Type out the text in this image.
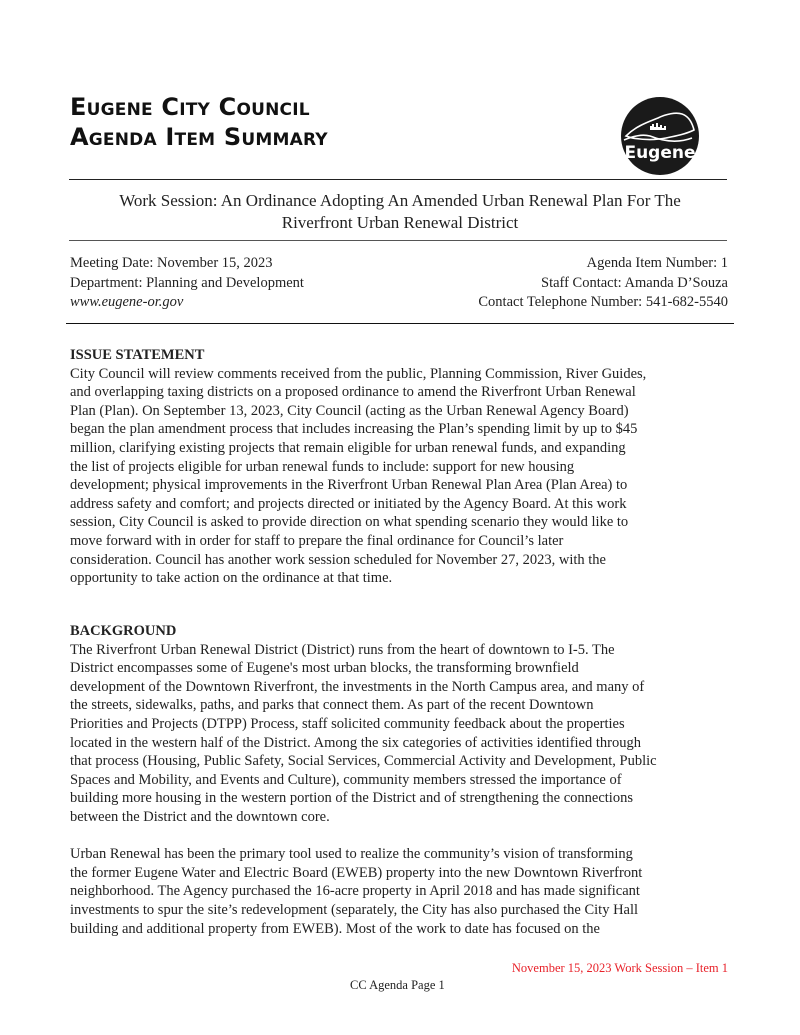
Eugene City Council
Agenda Item Summary
Eugene
Work Session: An Ordinance Adopting An Amended Urban Renewal Plan For The
Riverfront Urban Renewal District
Meeting Date: November 15, 2023
Department: Planning and Development
www.eugene-or.gov
Agenda Item Number: 1
Staff Contact: Amanda D’Souza
Contact Telephone Number: 541-682-5540
ISSUE STATEMENT

City Council will review comments received from the public, Planning Commission, River Guides,
and overlapping taxing districts on a proposed ordinance to amend the Riverfront Urban Renewal
Plan (Plan). On September 13, 2023, City Council (acting as the Urban Renewal Agency Board)
began the plan amendment process that includes increasing the Plan’s spending limit by up to $45
million, clarifying existing projects that remain eligible for urban renewal funds, and expanding
the list of projects eligible for urban renewal funds to include: support for new housing
development; physical improvements in the Riverfront Urban Renewal Plan Area (Plan Area) to
address safety and comfort; and projects directed or initiated by the Agency Board. At this work
session, City Council is asked to provide direction on what spending scenario they would like to
move forward with in order for staff to prepare the final ordinance for Council’s later
consideration. Council has another work session scheduled for November 27, 2023, with the
opportunity to take action on the ordinance at that time.

BACKGROUND

The Riverfront Urban Renewal District (District) runs from the heart of downtown to I-5. The
District encompasses some of Eugene's most urban blocks, the transforming brownfield
development of the Downtown Riverfront, the investments in the North Campus area, and many of
the streets, sidewalks, paths, and parks that connect them. As part of the recent Downtown
Priorities and Projects (DTPP) Process, staff solicited community feedback about the properties
located in the western half of the District. Among the six categories of activities identified through
that process (Housing, Public Safety, Social Services, Commercial Activity and Development, Public
Spaces and Mobility, and Events and Culture), community members stressed the importance of
building more housing in the western portion of the District and of strengthening the connections
between the District and the downtown core.

Urban Renewal has been the primary tool used to realize the community’s vision of transforming
the former Eugene Water and Electric Board (EWEB) property into the new Downtown Riverfront
neighborhood. The Agency purchased the 16-acre property in April 2018 and has made significant
investments to spur the site’s redevelopment (separately, the City has also purchased the City Hall
building and additional property from EWEB). Most of the work to date has focused on the

November 15, 2023 Work Session – Item 1
CC Agenda Page 1
